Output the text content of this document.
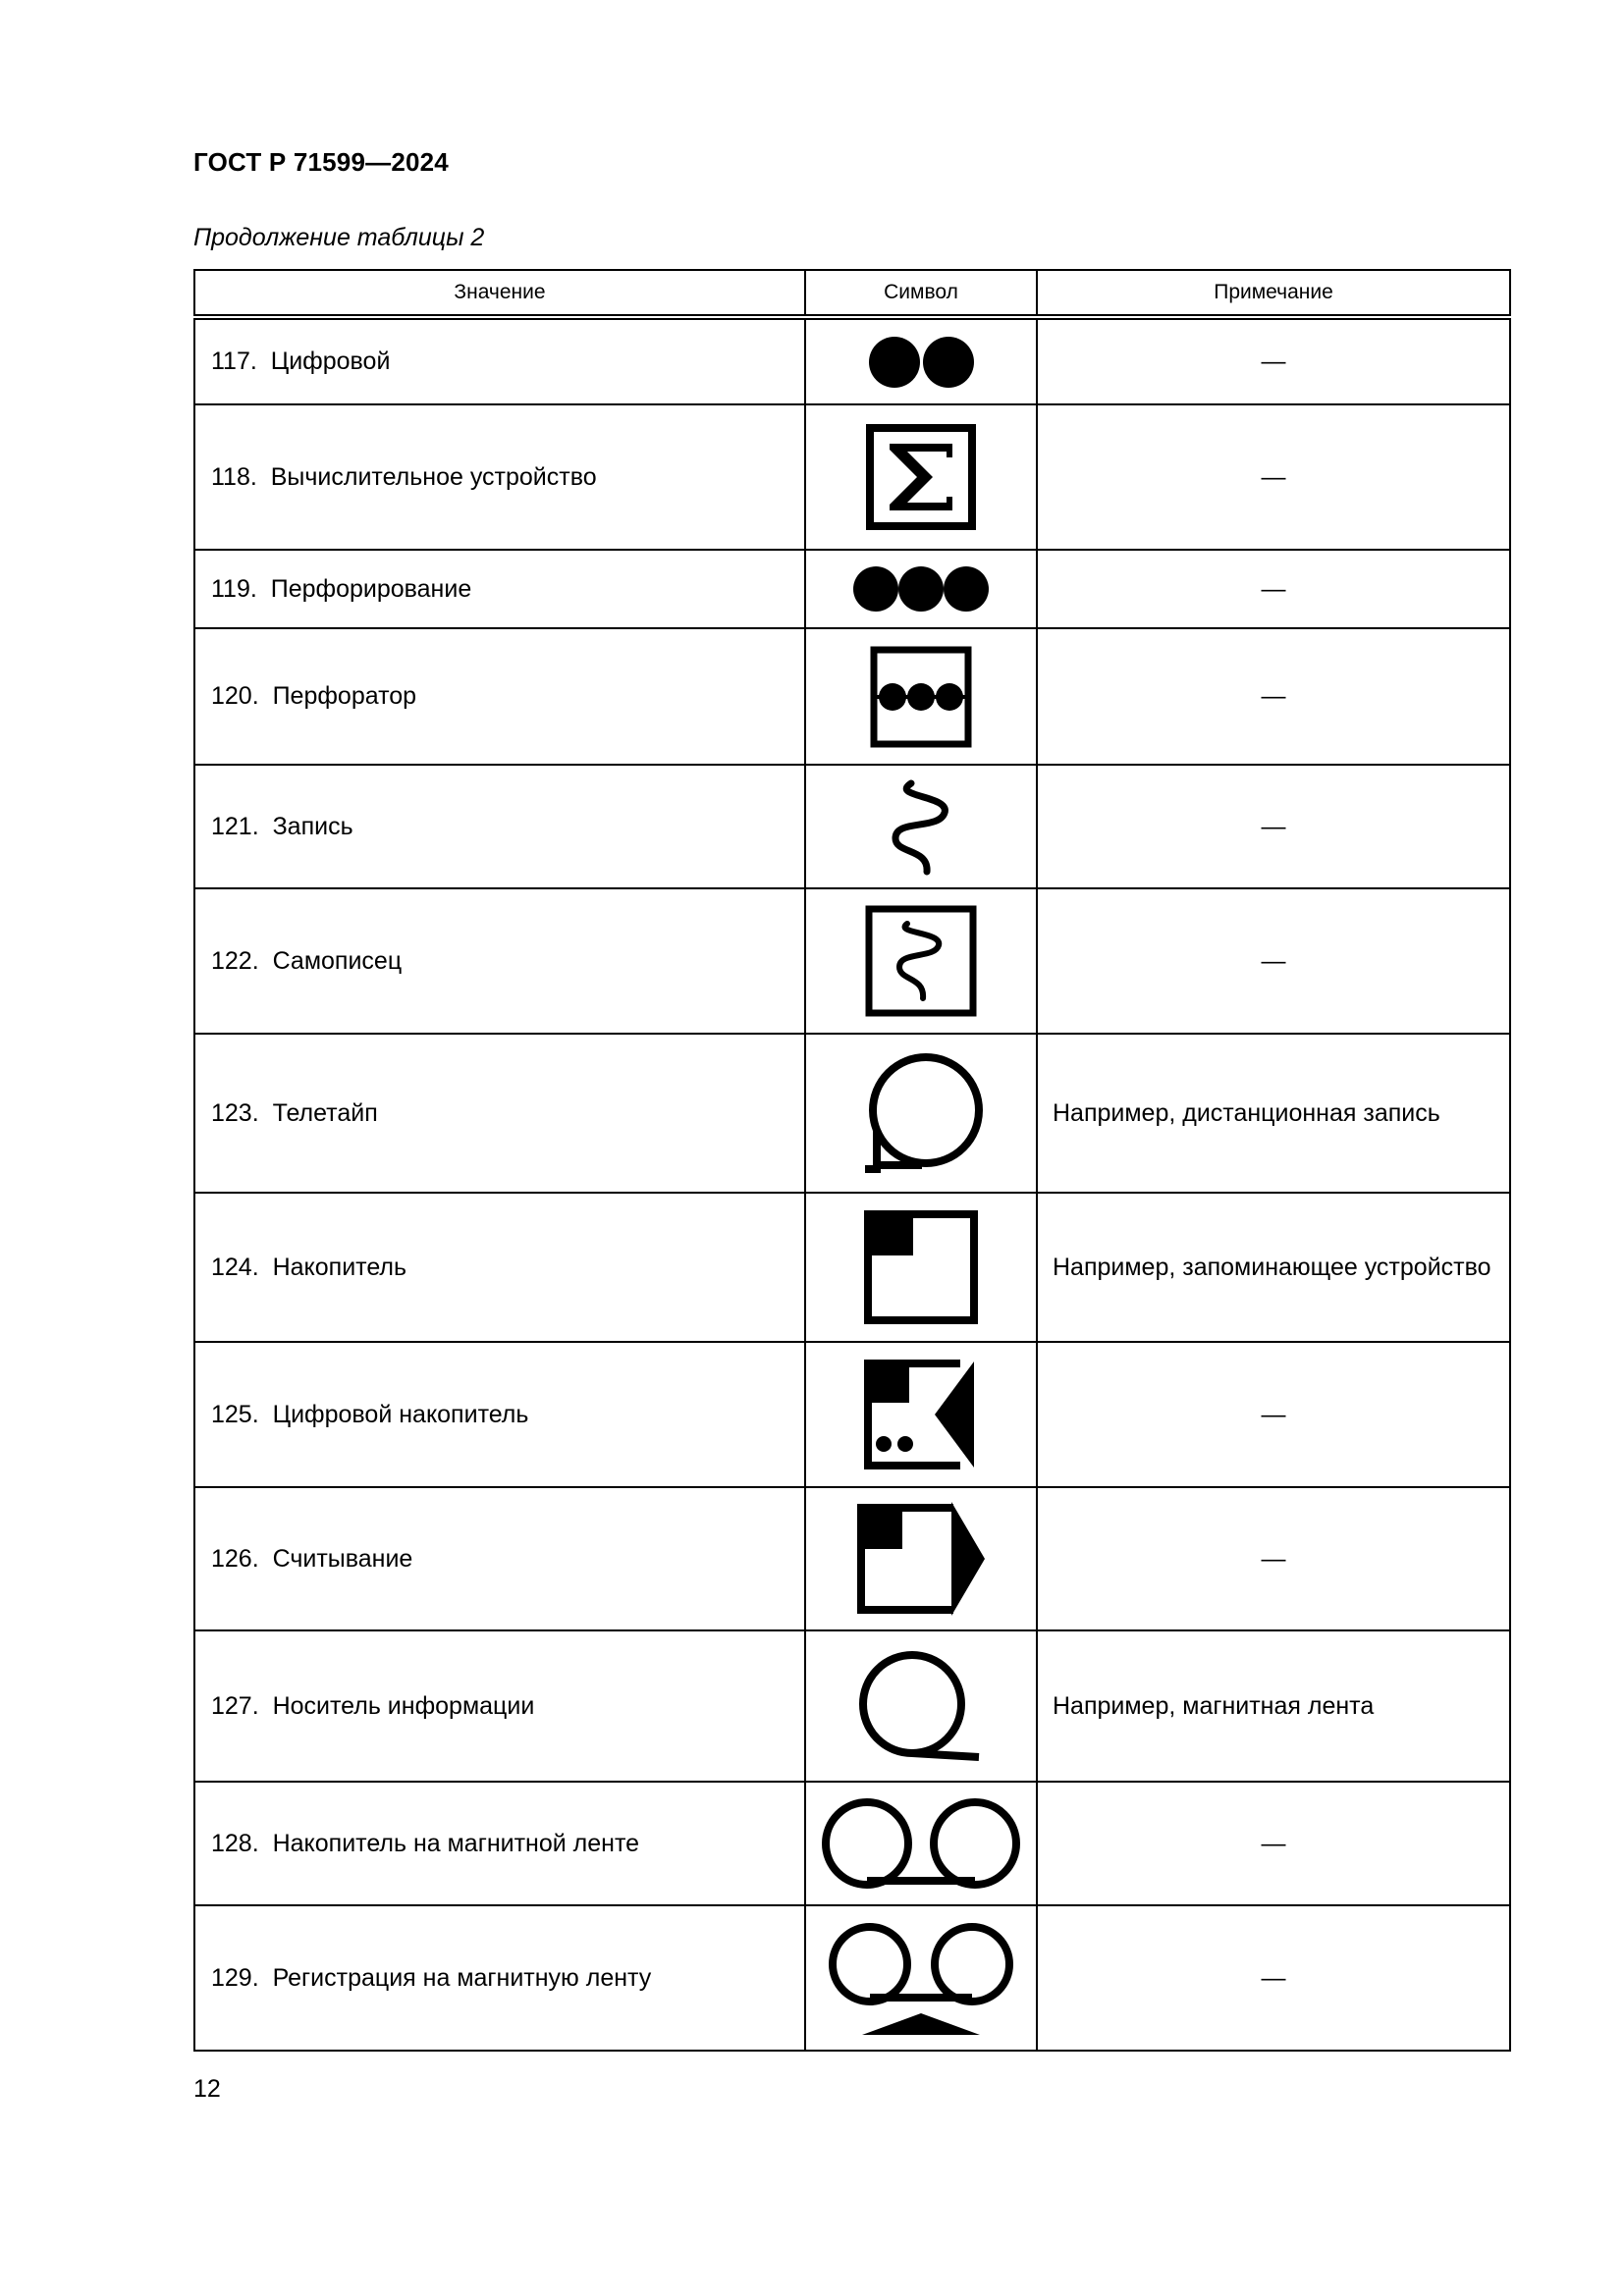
ГОСТ Р 71599—2024
Продолжение таблицы 2
Значение	Символ	Примечание
117. Цифровой		—
118. Вычислительное устройство		—
119. Перфорирование		—
120. Перфоратор		—
121. Запись		—
122. Самописец		—
123. Телетайп		Например, дистанционная запись
124. Накопитель		Например, запоминающее устройство
125. Цифровой накопитель		—
126. Считывание		—
127. Носитель информации		Например, магнитная лента
128. Накопитель на магнитной ленте		—
129. Регистрация на магнитную ленту		—
12
